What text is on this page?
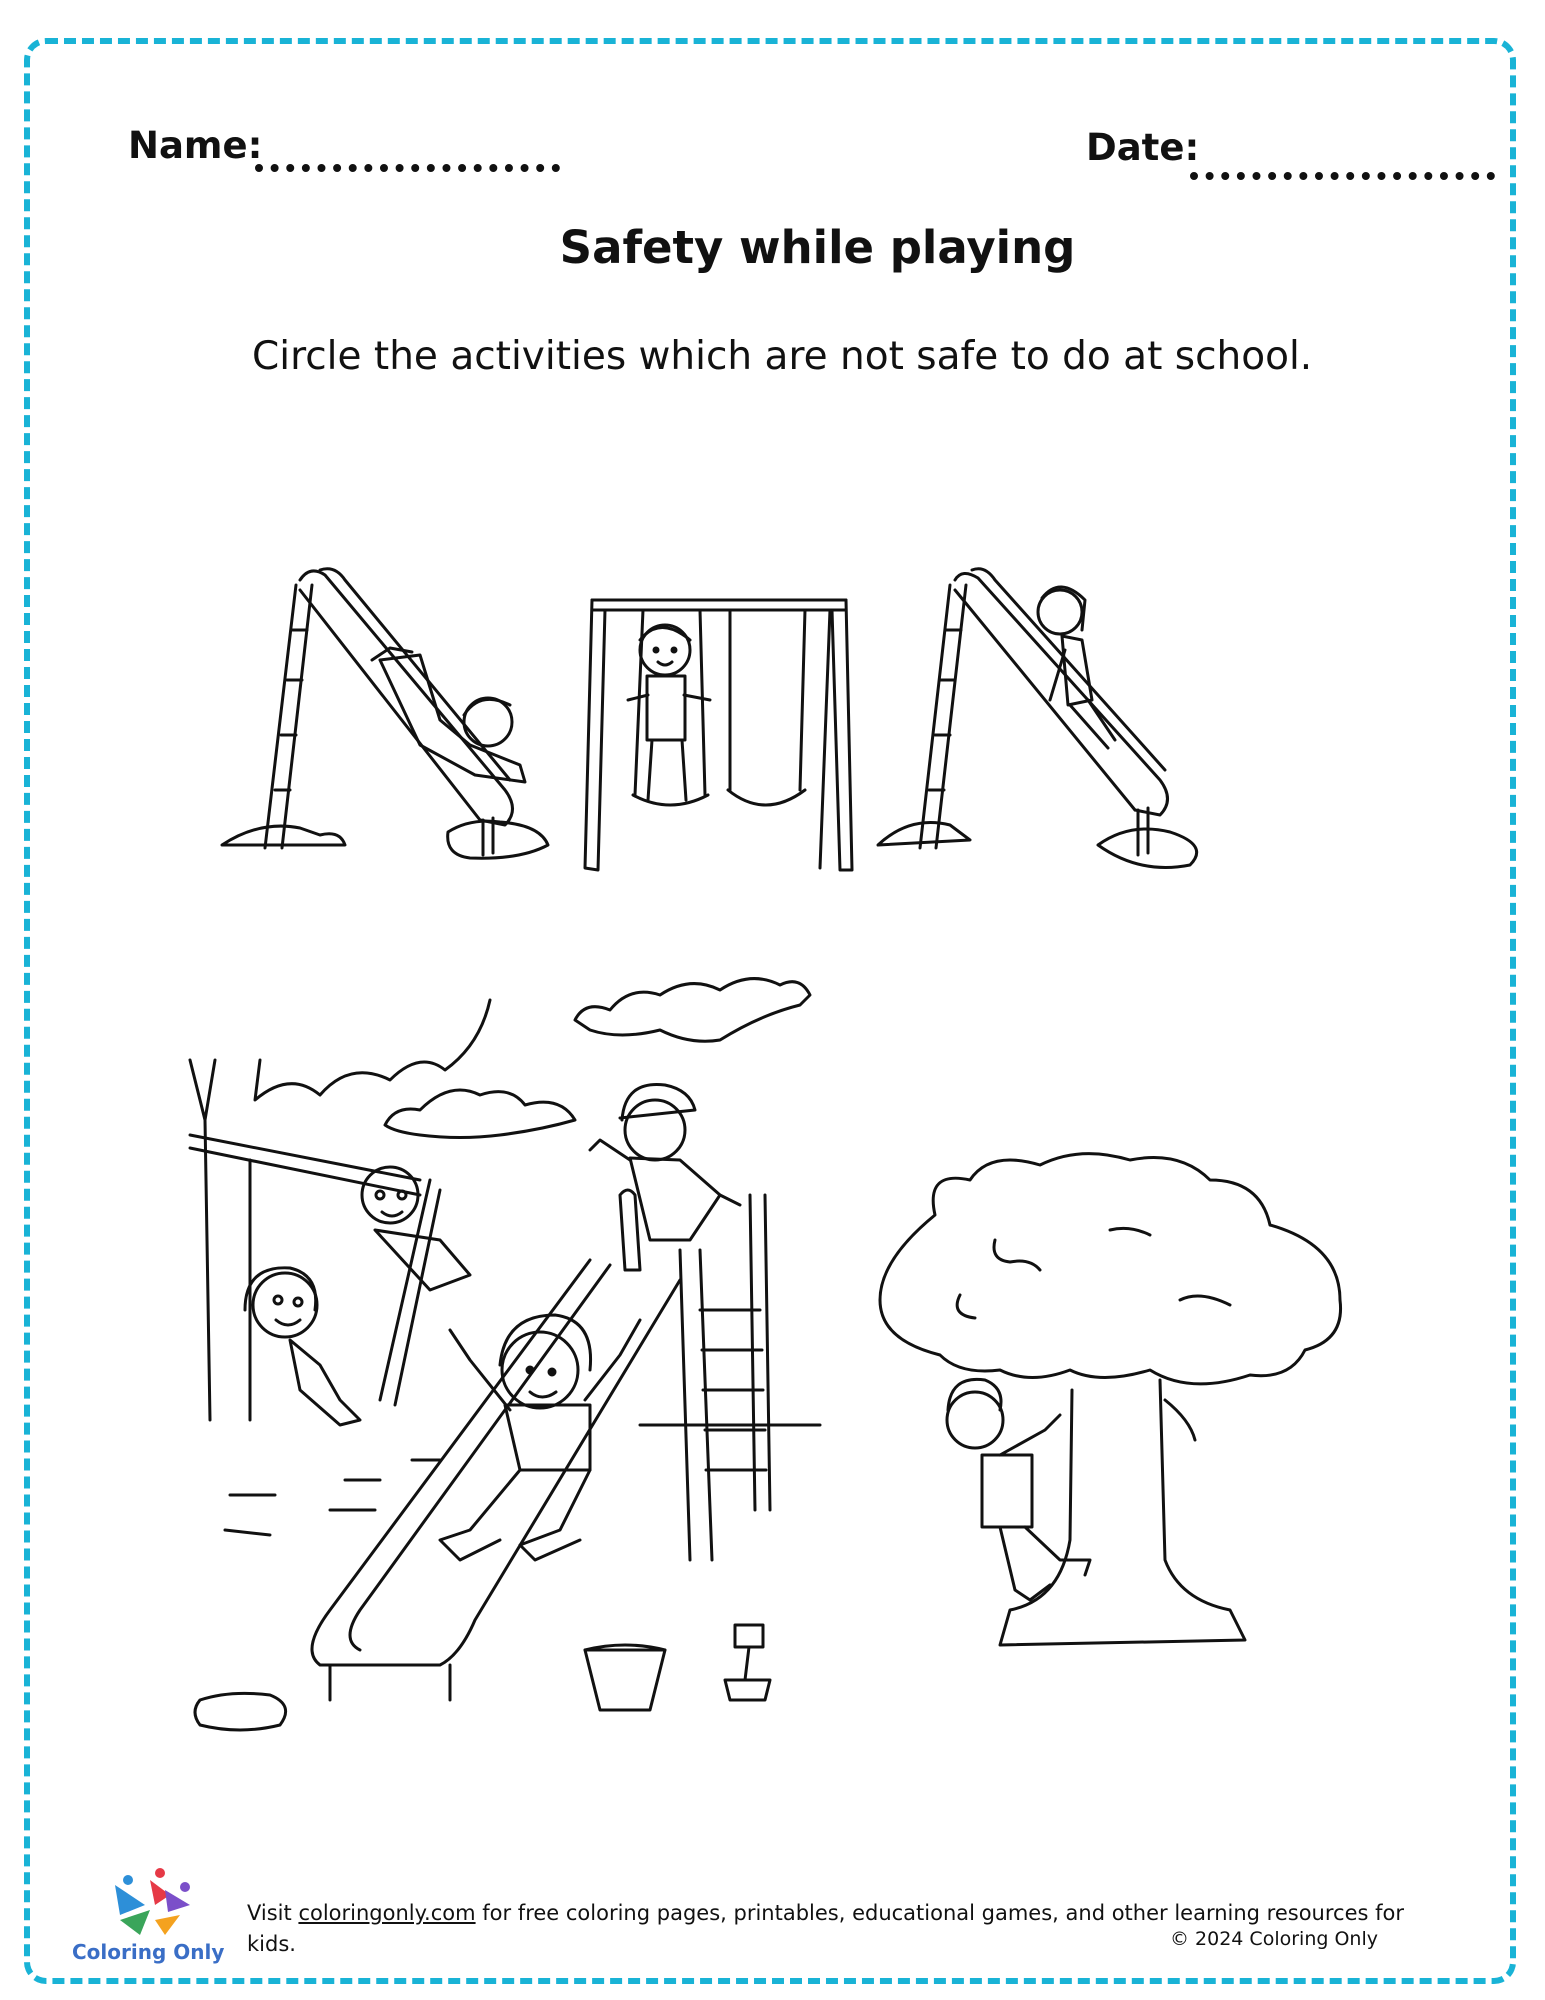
Name:	Date:
Safety while playing
Circle the activities which are not safe to do at school.
Coloring Only
Visit coloringonly.com for free coloring pages, printables, educational games, and other learning resources for kids.	© 2024 Coloring Only
